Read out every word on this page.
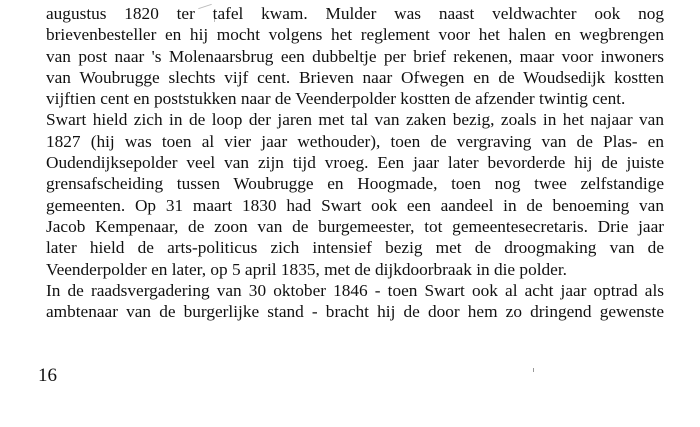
augustus 1820 ter tafel kwam. Mulder was naast veldwachter ook nog
brievenbesteller en hij mocht volgens het reglement voor het halen en wegbrengen
van post naar 's Molenaarsbrug een dubbeltje per brief rekenen, maar voor inwoners
van Woubrugge slechts vijf cent. Brieven naar Ofwegen en de Woudsedijk kostten
vijftien cent en poststukken naar de Veenderpolder kostten de afzender twintig cent.
Swart hield zich in de loop der jaren met tal van zaken bezig, zoals in het najaar van
1827 (hij was toen al vier jaar wethouder), toen de vergraving van de Plas- en
Oudendijksepolder veel van zijn tijd vroeg. Een jaar later bevorderde hij de juiste
grensafscheiding tussen Woubrugge en Hoogmade, toen nog twee zelfstandige
gemeenten. Op 31 maart 1830 had Swart ook een aandeel in de benoeming van
Jacob Kempenaar, de zoon van de burgemeester, tot gemeentesecretaris. Drie jaar
later hield de arts-politicus zich intensief bezig met de droogmaking van de
Veenderpolder en later, op 5 april 1835, met de dijkdoorbraak in die polder.
In de raadsvergadering van 30 oktober 1846 - toen Swart ook al acht jaar optrad als
ambtenaar van de burgerlijke stand - bracht hij de door hem zo dringend gewenste
16
